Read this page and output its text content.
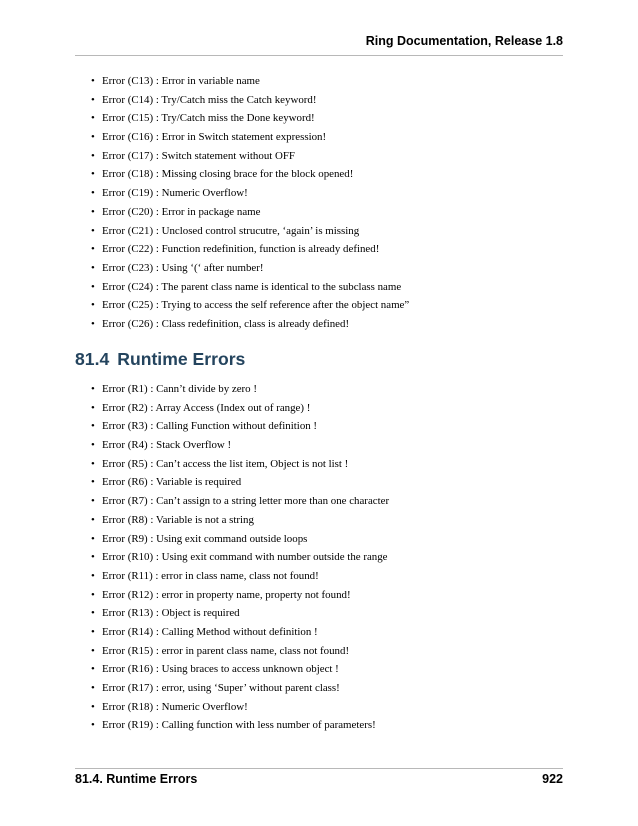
Ring Documentation, Release 1.8
• Error (C13) : Error in variable name
• Error (C14) : Try/Catch miss the Catch keyword!
• Error (C15) : Try/Catch miss the Done keyword!
• Error (C16) : Error in Switch statement expression!
• Error (C17) : Switch statement without OFF
• Error (C18) : Missing closing brace for the block opened!
• Error (C19) : Numeric Overflow!
• Error (C20) : Error in package name
• Error (C21) : Unclosed control strucutre, ‘again’ is missing
• Error (C22) : Function redefinition, function is already defined!
• Error (C23) : Using ‘(‘ after number!
• Error (C24) : The parent class name is identical to the subclass name
• Error (C25) : Trying to access the self reference after the object name”
• Error (C26) : Class redefinition, class is already defined!
81.4 Runtime Errors
• Error (R1) : Cann’t divide by zero !
• Error (R2) : Array Access (Index out of range) !
• Error (R3) : Calling Function without definition !
• Error (R4) : Stack Overflow !
• Error (R5) : Can’t access the list item, Object is not list !
• Error (R6) : Variable is required
• Error (R7) : Can’t assign to a string letter more than one character
• Error (R8) : Variable is not a string
• Error (R9) : Using exit command outside loops
• Error (R10) : Using exit command with number outside the range
• Error (R11) : error in class name, class not found!
• Error (R12) : error in property name, property not found!
• Error (R13) : Object is required
• Error (R14) : Calling Method without definition !
• Error (R15) : error in parent class name, class not found!
• Error (R16) : Using braces to access unknown object !
• Error (R17) : error, using ‘Super’ without parent class!
• Error (R18) : Numeric Overflow!
• Error (R19) : Calling function with less number of parameters!
81.4. Runtime Errors	922
